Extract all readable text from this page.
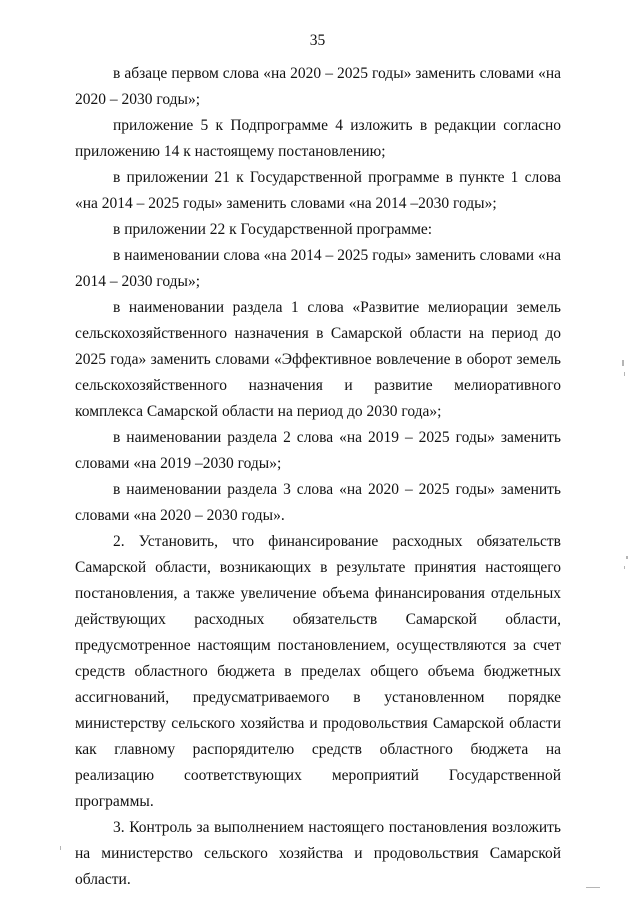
35

в абзаце первом слова «на 2020 – 2025 годы» заменить словами «на 2020 – 2030 годы»;

приложение 5 к Подпрограмме 4 изложить в редакции согласно приложению 14 к настоящему постановлению;

в приложении 21 к Государственной программе в пункте 1 слова «на 2014 – 2025 годы» заменить словами «на 2014 –2030 годы»;

в приложении 22 к Государственной программе:

в наименовании слова «на 2014 – 2025 годы» заменить словами «на 2014 – 2030 годы»;

в наименовании раздела 1 слова «Развитие мелиорации земель сельскохозяйственного назначения в Самарской области на период до 2025 года» заменить словами «Эффективное вовлечение в оборот земель сельскохозяйственного назначения и развитие мелиоративного комплекса Самарской области на период до 2030 года»;

в наименовании раздела 2 слова «на 2019 – 2025 годы» заменить словами «на 2019 –2030 годы»;

в наименовании раздела 3 слова «на 2020 – 2025 годы» заменить словами «на 2020 – 2030 годы».

2. Установить, что финансирование расходных обязательств Самарской области, возникающих в результате принятия настоящего постановления, а также увеличение объема финансирования отдельных действующих расходных обязательств Самарской области, предусмотренное настоящим постановлением, осуществляются за счет средств областного бюджета в пределах общего объема бюджетных ассигнований, предусматриваемого в установленном порядке министерству сельского хозяйства и продовольствия Самарской области как главному распорядителю средств областного бюджета на реализацию соответствующих мероприятий Государственной программы.

3. Контроль за выполнением настоящего постановления возложить на министерство сельского хозяйства и продовольствия Самарской области.
